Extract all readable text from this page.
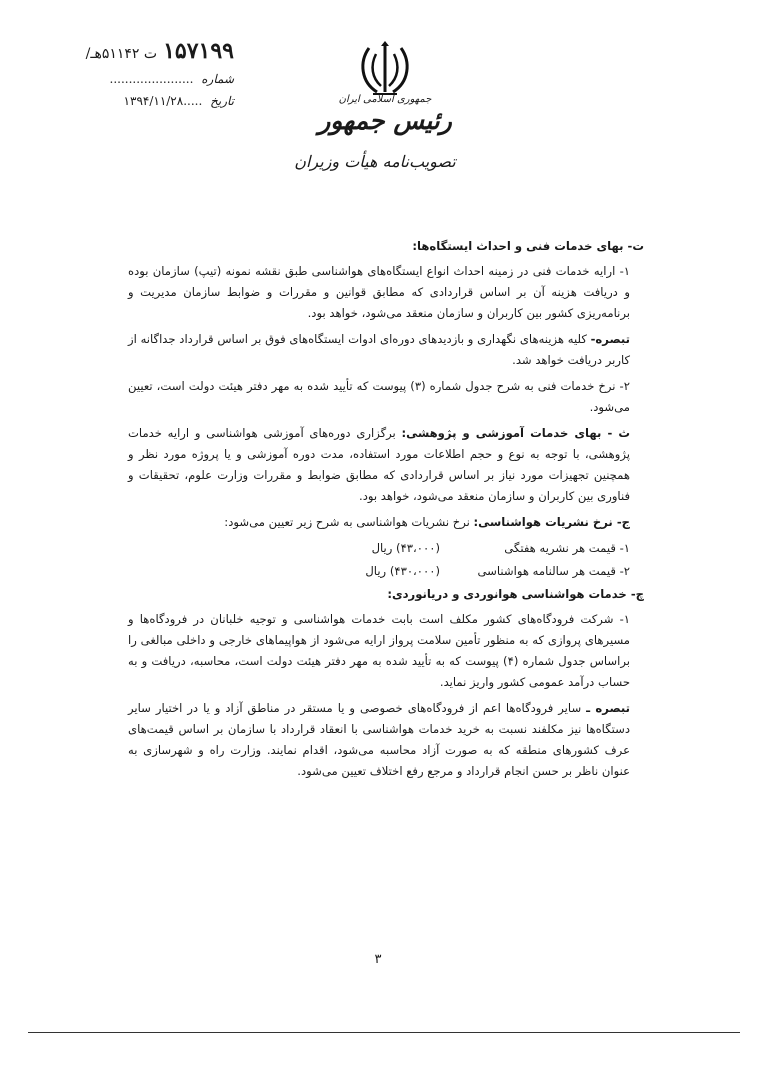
/ت ۵۱۱۴۲هـ ۱۵۷۱۹۹
شماره ......................
تاریخ ۱۳۹۴/۱۱/۲۸.....	جمهوری اسلامی ایران
رئیس جمهور
تصویب‌نامه هیأت وزیران
ت- بهای خدمات فنی و احداث ایستگاه‌ها:

۱- ارایه خدمات فنی در زمینه احداث انواع ایستگاه‌های هواشناسی طبق نقشه نمونه (تیپ) سازمان بوده و دریافت هزینه آن بر اساس قراردادی که مطابق قوانین و مقررات و ضوابط سازمان مدیریت و برنامه‌ریزی کشور بین کاربران و سازمان منعقد می‌شود، خواهد بود.

تبصره- کلیه هزینه‌های نگهداری و بازدیدهای دوره‌ای ادوات ایستگاه‌های فوق بر اساس قرارداد جداگانه از کاربر دریافت خواهد شد.

۲- نرخ خدمات فنی به شرح جدول شماره (۳) پیوست که تأیید شده به مهر دفتر هیئت دولت است، تعیین می‌شود.

ث - بهای خدمات آموزشی و پژوهشی: برگزاری دوره‌های آموزشی هواشناسی و ارایه خدمات پژوهشی، با توجه به نوع و حجم اطلاعات مورد استفاده، مدت دوره آموزشی و یا پروژه مورد نظر و همچنین تجهیزات مورد نیاز بر اساس قراردادی که مطابق ضوابط و مقررات وزارت علوم، تحقیقات و فناوری بین کاربران و سازمان منعقد می‌شود، خواهد بود.

ج- نرخ نشریات هواشناسی: نرخ نشریات هواشناسی به شرح زیر تعیین می‌شود:

۱- قیمت هر نشریه هفتگی
(۴۳،۰۰۰) ریال
۲- قیمت هر سالنامه هواشناسی
(۴۳۰،۰۰۰) ریال
چ- خدمات هواشناسی هوانوردی و دریانوردی:

۱- شرکت فرودگاه‌های کشور مکلف است بابت خدمات هواشناسی و توجیه خلبانان در فرودگاه‌ها و مسیرهای پروازی که به منظور تأمین سلامت پرواز ارایه می‌شود از هواپیماهای خارجی و داخلی مبالغی را براساس جدول شماره (۴) پیوست که به تأیید شده به مهر دفتر هیئت دولت است، محاسبه، دریافت و به حساب درآمد عمومی کشور واریز نماید.

تبصره ـ سایر فرودگاه‌ها اعم از فرودگاه‌های خصوصی و یا مستقر در مناطق آزاد و یا در اختیار سایر دستگاه‌ها نیز مکلفند نسبت به خرید خدمات هواشناسی با انعقاد قرارداد با سازمان بر اساس قیمت‌های عرف کشورهای منطقه که به صورت آزاد محاسبه می‌شود، اقدام نمایند. وزارت راه و شهرسازی به عنوان ناظر بر حسن انجام قرارداد و مرجع رفع اختلاف تعیین می‌شود.

۳
